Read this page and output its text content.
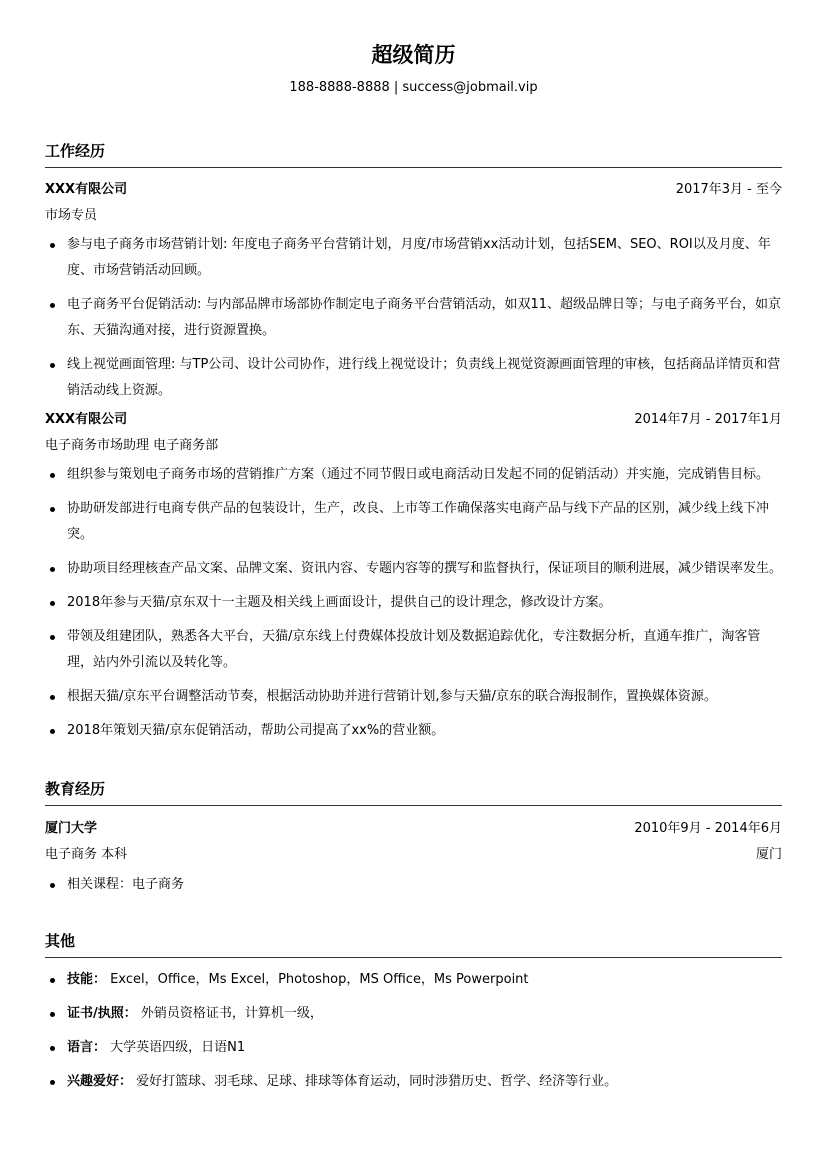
超级简历
188-8888-8888 | success@jobmail.vip
工作经历
XXX有限公司	2017年3月 - 至今
市场专员
参与电子商务市场营销计划: 年度电子商务平台营销计划，月度/市场营销xx活动计划，包括SEM、SEO、ROI以及月度、年度、市场营销活动回顾。
电子商务平台促销活动: 与内部品牌市场部协作制定电子商务平台营销活动，如双11、超级品牌日等；与电子商务平台，如京东、天猫沟通对接，进行资源置换。
线上视觉画面管理: 与TP公司、设计公司协作，进行线上视觉设计；负责线上视觉资源画面管理的审核，包括商品详情页和营销活动线上资源。
XXX有限公司	2014年7月 - 2017年1月
电子商务市场助理 电子商务部
组织参与策划电子商务市场的营销推广方案（通过不同节假日或电商活动日发起不同的促销活动）并实施，完成销售目标。
协助研发部进行电商专供产品的包装设计，生产，改良、上市等工作确保落实电商产品与线下产品的区别，减少线上线下冲突。
协助项目经理核查产品文案、品牌文案、资讯内容、专题内容等的撰写和监督执行，保证项目的顺利进展，减少错误率发生。
2018年参与天猫/京东双十一主题及相关线上画面设计，提供自己的设计理念，修改设计方案。
带领及组建团队，熟悉各大平台，天猫/京东线上付费媒体投放计划及数据追踪优化，专注数据分析，直通车推广，淘客管理，站内外引流以及转化等。
根据天猫/京东平台调整活动节奏，根据活动协助并进行营销计划,参与天猫/京东的联合海报制作，置换媒体资源。
2018年策划天猫/京东促销活动，帮助公司提高了xx%的营业额。
教育经历
厦门大学	2010年9月 - 2014年6月
电子商务 本科	厦门
相关课程：电子商务
其他
技能： Excel，Office，Ms Excel，Photoshop，MS Office，Ms Powerpoint
证书/执照： 外销员资格证书，计算机一级，
语言： 大学英语四级，日语N1
兴趣爱好： 爱好打篮球、羽毛球、足球、排球等体育运动，同时涉猎历史、哲学、经济等行业。
